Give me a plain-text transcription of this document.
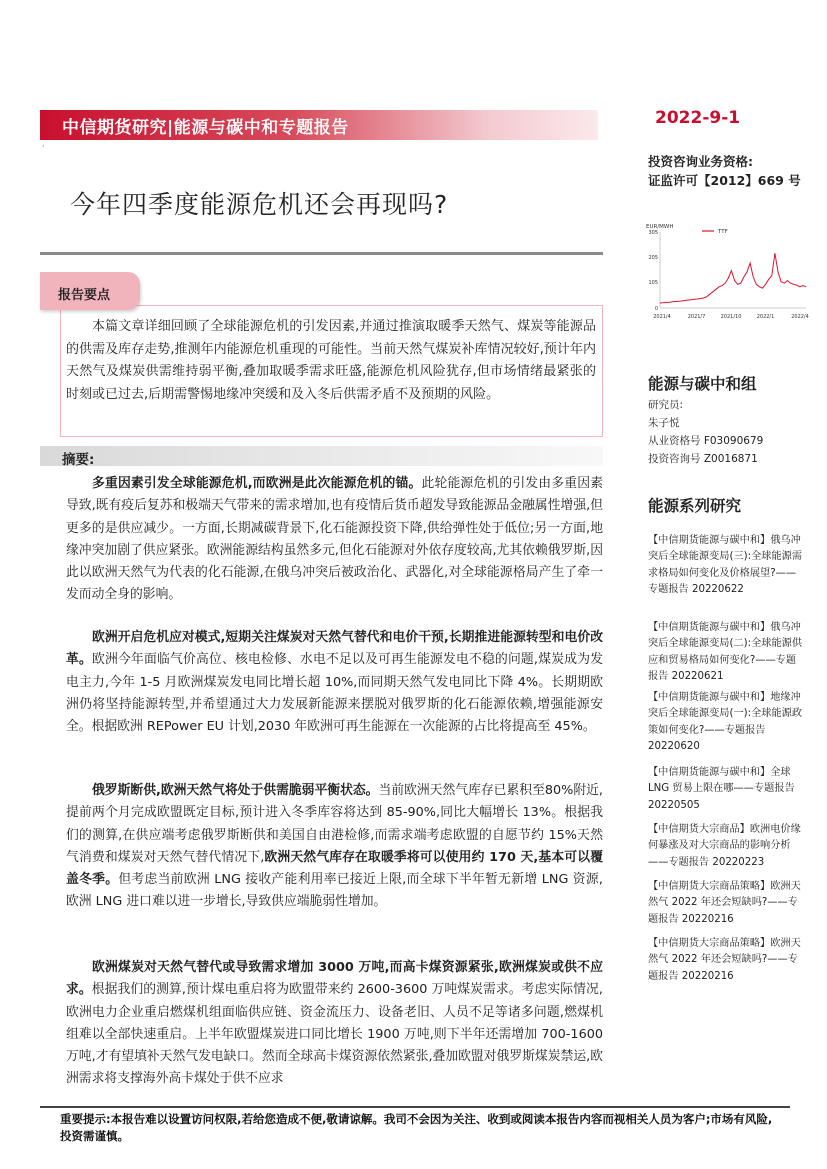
中信期货研究|能源与碳中和专题报告	2022-9-1
·
投资咨询业务资格:
证监许可【2012】669 号
今年四季度能源危机还会再现吗?
报告要点
本篇文章详细回顾了全球能源危机的引发因素,并通过推演取暖季天然气、煤炭等能源品的供需及库存走势,推测年内能源危机重现的可能性。当前天然气煤炭补库情况较好,预计年内天然气及煤炭供需维持弱平衡,叠加取暖季需求旺盛,能源危机风险犹存,但市场情绪最紧张的时刻或已过去,后期需警惕地缘冲突缓和及入冬后供需矛盾不及预期的风险。
摘要:
多重因素引发全球能源危机,而欧洲是此次能源危机的锚。此轮能源危机的引发由多重因素导致,既有疫后复苏和极端天气带来的需求增加,也有疫情后货币超发导致能源品金融属性增强,但更多的是供应减少。一方面,长期减碳背景下,化石能源投资下降,供给弹性处于低位;另一方面,地缘冲突加剧了供应紧张。欧洲能源结构虽然多元,但化石能源对外依存度较高,尤其依赖俄罗斯,因此以欧洲天然气为代表的化石能源,在俄乌冲突后被政治化、武器化,对全球能源格局产生了牵一发而动全身的影响。
欧洲开启危机应对模式,短期关注煤炭对天然气替代和电价干预,长期推进能源转型和电价改革。欧洲今年面临气价高位、核电检修、水电不足以及可再生能源发电不稳的问题,煤炭成为发电主力,今年 1-5 月欧洲煤炭发电同比增长超 10%,而同期天然气发电同比下降 4%。长期期欧洲仍将坚持能源转型,并希望通过大力发展新能源来摆脱对俄罗斯的化石能源依赖,增强能源安全。根据欧洲 REPower EU 计划,2030 年欧洲可再生能源在一次能源的占比将提高至 45%。
俄罗斯断供,欧洲天然气将处于供需脆弱平衡状态。当前欧洲天然气库存已累积至80%附近,提前两个月完成欧盟既定目标,预计进入冬季库容将达到 85-90%,同比大幅增长 13%。根据我们的测算,在供应端考虑俄罗斯断供和美国自由港检修,而需求端考虑欧盟的自愿节约 15%天然气消费和煤炭对天然气替代情况下,欧洲天然气库存在取暖季将可以使用约 170 天,基本可以覆盖冬季。但考虑当前欧洲 LNG 接收产能利用率已接近上限,而全球下半年暂无新增 LNG 资源,欧洲 LNG 进口难以进一步增长,导致供应端脆弱性增加。
欧洲煤炭对天然气替代或导致需求增加 3000 万吨,而高卡煤资源紧张,欧洲煤炭或供不应求。根据我们的测算,预计煤电重启将为欧盟带来约 2600-3600 万吨煤炭需求。考虑实际情况,欧洲电力企业重启燃煤机组面临供应链、资金流压力、设备老旧、人员不足等诸多问题,燃煤机组难以全部快速重启。上半年欧盟煤炭进口同比增长 1900 万吨,则下半年还需增加 700-1600 万吨,才有望填补天然气发电缺口。然而全球高卡煤资源依然紧张,叠加欧盟对俄罗斯煤炭禁运,欧洲需求将支撑海外高卡煤处于供不应求
EUR/MWH
TTF
0
105
205
305
2021/4	2021/7	2021/10	2022/1	2022/4
能源与碳中和组
研究员:
朱子悦
从业资格号 F03090679
投资咨询号 Z0016871
能源系列研究
【中信期货能源与碳中和】俄乌冲突后全球能源变局(三):全球能源需求格局如何变化及价格展望?——专题报告 20220622
【中信期货能源与碳中和】俄乌冲突后全球能源变局(二):全球能源供应和贸易格局如何变化?——专题报告 20220621
【中信期货能源与碳中和】地缘冲突后全球能源变局(一):全球能源政策如何变化?——专题报告 20220620
【中信期货能源与碳中和】全球 LNG 贸易上限在哪——专题报告 20220505
【中信期货大宗商品】欧洲电价缘何暴涨及对大宗商品的影响分析——专题报告 20220223
【中信期货大宗商品策略】欧洲天然气 2022 年还会短缺吗?——专题报告 20220216
【中信期货大宗商品策略】欧洲天然气 2022 年还会短缺吗?——专题报告 20220216
重要提示:本报告难以设置访问权限,若给您造成不便,敬请谅解。我司不会因为关注、收到或阅读本报告内容而视相关人员为客户;市场有风险,投资需谨慎。
